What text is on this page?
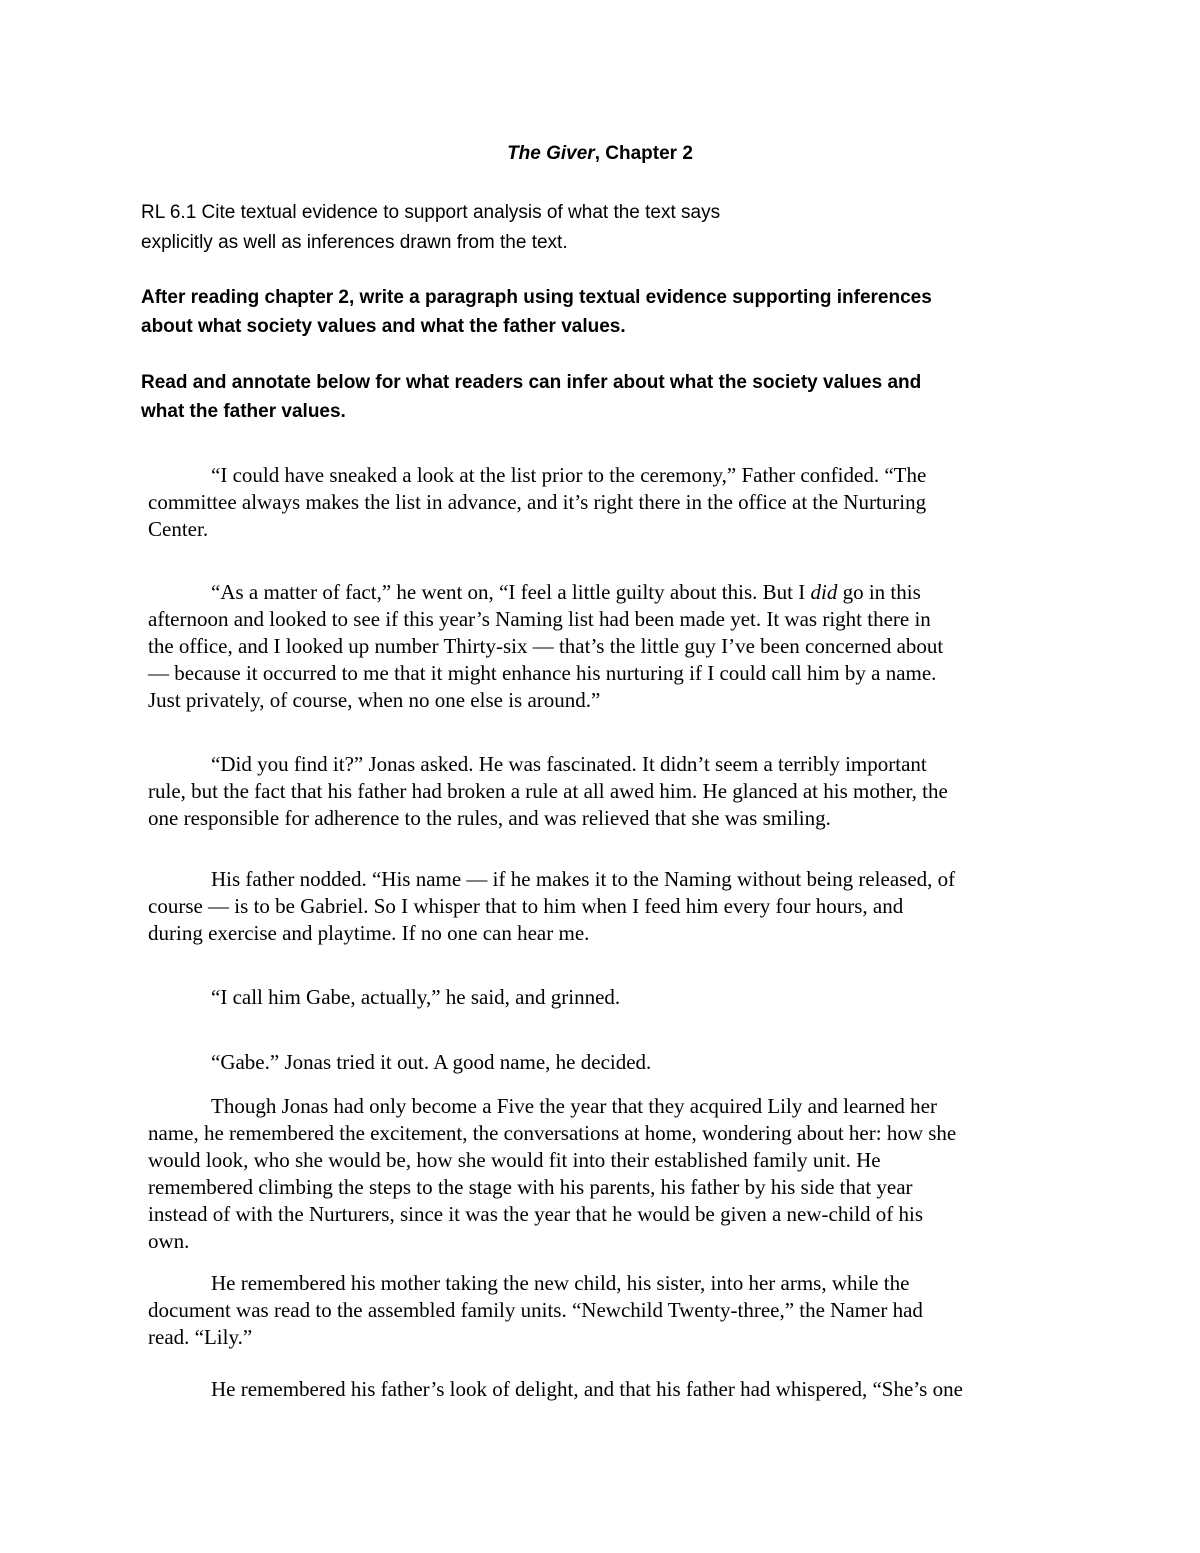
The Giver, Chapter 2

RL 6.1 Cite textual evidence to support analysis of what the text says
explicitly as well as inferences drawn from the text.

After reading chapter 2, write a paragraph using textual evidence supporting inferences
about what society values and what the father values.

Read and annotate below for what readers can infer about what the society values and
what the father values.

“I could have sneaked a look at the list prior to the ceremony,” Father confided. “The
committee always makes the list in advance, and it’s right there in the office at the Nurturing
Center.
“As a matter of fact,” he went on, “I feel a little guilty about this. But I did go in this
afternoon and looked to see if this year’s Naming list had been made yet. It was right there in
the office, and I looked up number Thirty-six — that’s the little guy I’ve been concerned about
— because it occurred to me that it might enhance his nurturing if I could call him by a name.
Just privately, of course, when no one else is around.”
“Did you find it?” Jonas asked. He was fascinated. It didn’t seem a terribly important
rule, but the fact that his father had broken a rule at all awed him. He glanced at his mother, the
one responsible for adherence to the rules, and was relieved that she was smiling.
His father nodded. “His name — if he makes it to the Naming without being released, of
course — is to be Gabriel. So I whisper that to him when I feed him every four hours, and
during exercise and playtime. If no one can hear me.
“I call him Gabe, actually,” he said, and grinned.
“Gabe.” Jonas tried it out. A good name, he decided.
Though Jonas had only become a Five the year that they acquired Lily and learned her
name, he remembered the excitement, the conversations at home, wondering about her: how she
would look, who she would be, how she would fit into their established family unit. He
remembered climbing the steps to the stage with his parents, his father by his side that year
instead of with the Nurturers, since it was the year that he would be given a new-child of his
own.
He remembered his mother taking the new child, his sister, into her arms, while the
document was read to the assembled family units. “Newchild Twenty-three,” the Namer had
read. “Lily.”
He remembered his father’s look of delight, and that his father had whispered, “She’s one
